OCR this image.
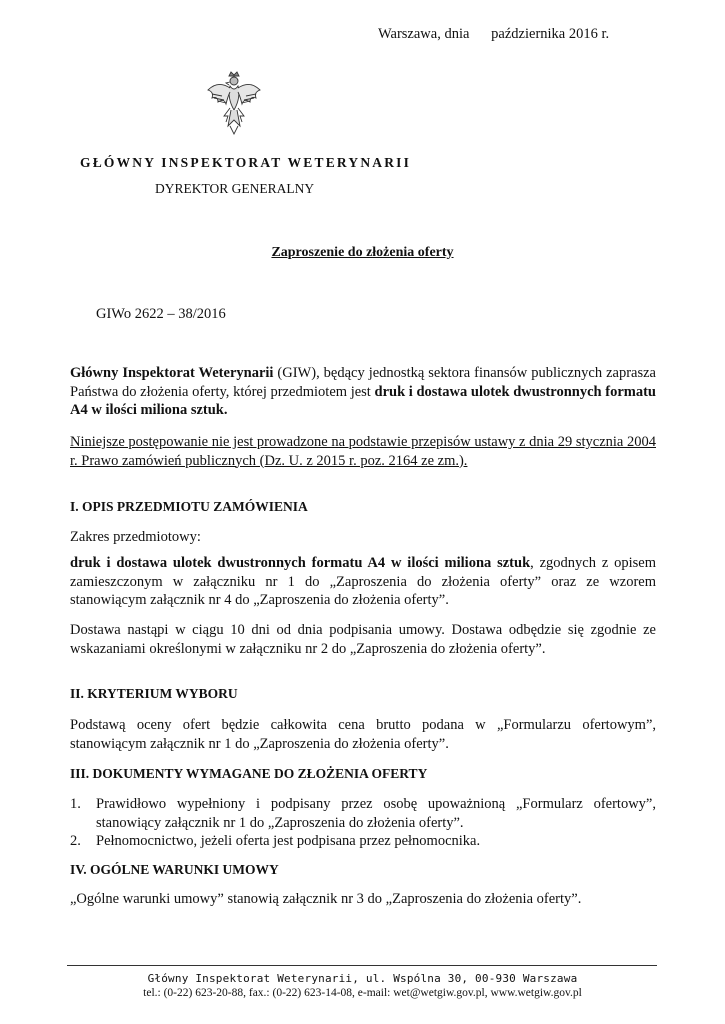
Warszawa, dnia      października 2016 r.
GŁÓWNY INSPEKTORAT WETERYNARII
DYREKTOR GENERALNY
Zaproszenie do złożenia oferty
GIWo 2622 – 38/2016
Główny Inspektorat Weterynarii (GIW), będący jednostką sektora finansów publicznych zaprasza Państwa do złożenia oferty, której przedmiotem jest druk i dostawa ulotek dwustronnych formatu A4 w ilości miliona sztuk.
Niniejsze postępowanie nie jest prowadzone na podstawie przepisów ustawy z dnia 29 stycznia 2004 r. Prawo zamówień publicznych (Dz. U. z 2015 r. poz. 2164 ze zm.).
I. OPIS PRZEDMIOTU ZAMÓWIENIA
Zakres przedmiotowy:
druk i dostawa ulotek dwustronnych formatu A4 w ilości miliona sztuk, zgodnych z opisem zamieszczonym w załączniku nr 1 do „Zaproszenia do złożenia oferty” oraz ze wzorem stanowiącym załącznik nr 4 do „Zaproszenia do złożenia oferty”.
Dostawa nastąpi w ciągu 10 dni od dnia podpisania umowy. Dostawa odbędzie się zgodnie ze wskazaniami określonymi w załączniku nr 2 do „Zaproszenia do złożenia oferty”.
II. KRYTERIUM WYBORU
Podstawą oceny ofert będzie całkowita cena brutto podana w „Formularzu ofertowym”, stanowiącym załącznik nr 1 do „Zaproszenia do złożenia oferty”.
III. DOKUMENTY WYMAGANE DO ZŁOŻENIA OFERTY
1. Prawidłowo wypełniony i podpisany przez osobę upoważnioną „Formularz ofertowy”, stanowiący załącznik nr 1 do „Zaproszenia do złożenia oferty”.
2. Pełnomocnictwo, jeżeli oferta jest podpisana przez pełnomocnika.
IV. OGÓLNE WARUNKI UMOWY
„Ogólne warunki umowy” stanowią załącznik nr 3 do „Zaproszenia do złożenia oferty”.
Główny Inspektorat Weterynarii, ul. Wspólna 30, 00-930 Warszawa
tel.: (0-22) 623-20-88, fax.: (0-22) 623-14-08, e-mail: wet@wetgiw.gov.pl, www.wetgiw.gov.pl
